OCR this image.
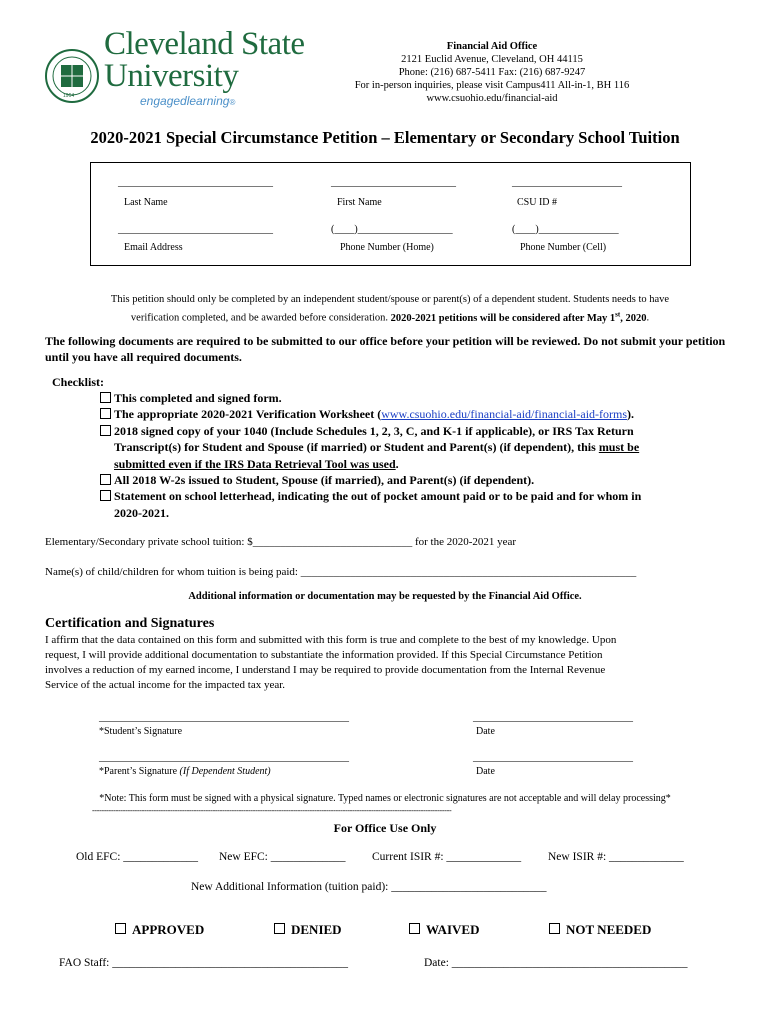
1964
Cleveland State
University
engagedlearning®
Financial Aid Office
2121 Euclid Avenue, Cleveland, OH 44115
Phone: (216) 687-5411 Fax: (216) 687-9247
For in-person inquiries, please visit Campus411 All-in-1, BH 116
www.csuohio.edu/financial-aid
2020-2021 Special Circumstance Petition – Elementary or Secondary School Tuition
_______________________________
Last Name
_________________________
First Name
______________________
CSU ID #
_______________________________
Email Address
(____)___________________
Phone Number (Home)
(____)________________
Phone Number (Cell)
This petition should only be completed by an independent student/spouse or parent(s) of a dependent student. Students needs to have
verification completed, and be awarded before consideration. 2020-2021 petitions will be considered after May 1st, 2020.
The following documents are required to be submitted to our office before your petition will be reviewed. Do not submit your petition until you have all required documents.
Checklist:
This completed and signed form.
The appropriate 2020-2021 Verification Worksheet (www.csuohio.edu/financial-aid/financial-aid-forms).
2018 signed copy of your 1040 (Include Schedules 1, 2, 3, C, and K-1 if applicable), or IRS Tax Return
Transcript(s) for Student and Spouse (if married) or Student and Parent(s) (if dependent), this must be
submitted even if the IRS Data Retrieval Tool was used.
All 2018 W-2s issued to Student, Spouse (if married), and Parent(s) (if dependent).
Statement on school letterhead, indicating the out of pocket amount paid or to be paid and for whom in
2020-2021.
Elementary/Secondary private school tuition: $_____________________________ for the 2020-2021 year
Name(s) of child/children for whom tuition is being paid: _____________________________________________________________
Additional information or documentation may be requested by the Financial Aid Office.
Certification and Signatures
I affirm that the data contained on this form and submitted with this form is true and complete to the best of my knowledge. Upon
request, I will provide additional documentation to substantiate the information provided. If this Special Circumstance Petition
involves a reduction of my earned income, I understand I may be required to provide documentation from the Internal Revenue
Service of the actual income for the impacted tax year.
__________________________________________________
*Student’s Signature
________________________________
Date
__________________________________________________
*Parent’s Signature (If Dependent Student)
________________________________
Date
*Note: This form must be signed with a physical signature. Typed names or electronic signatures are not acceptable and will delay processing*
--------------------------------------------------------------------------------------------------------------------------------------------------------
For Office Use Only
Old EFC: _____________ New EFC: _____________ Current ISIR #: _____________ New ISIR #: _____________
New Additional Information (tuition paid): ___________________________
APPROVED	DENIED	WAIVED	NOT NEEDED
FAO Staff: _________________________________________	Date: _________________________________________
